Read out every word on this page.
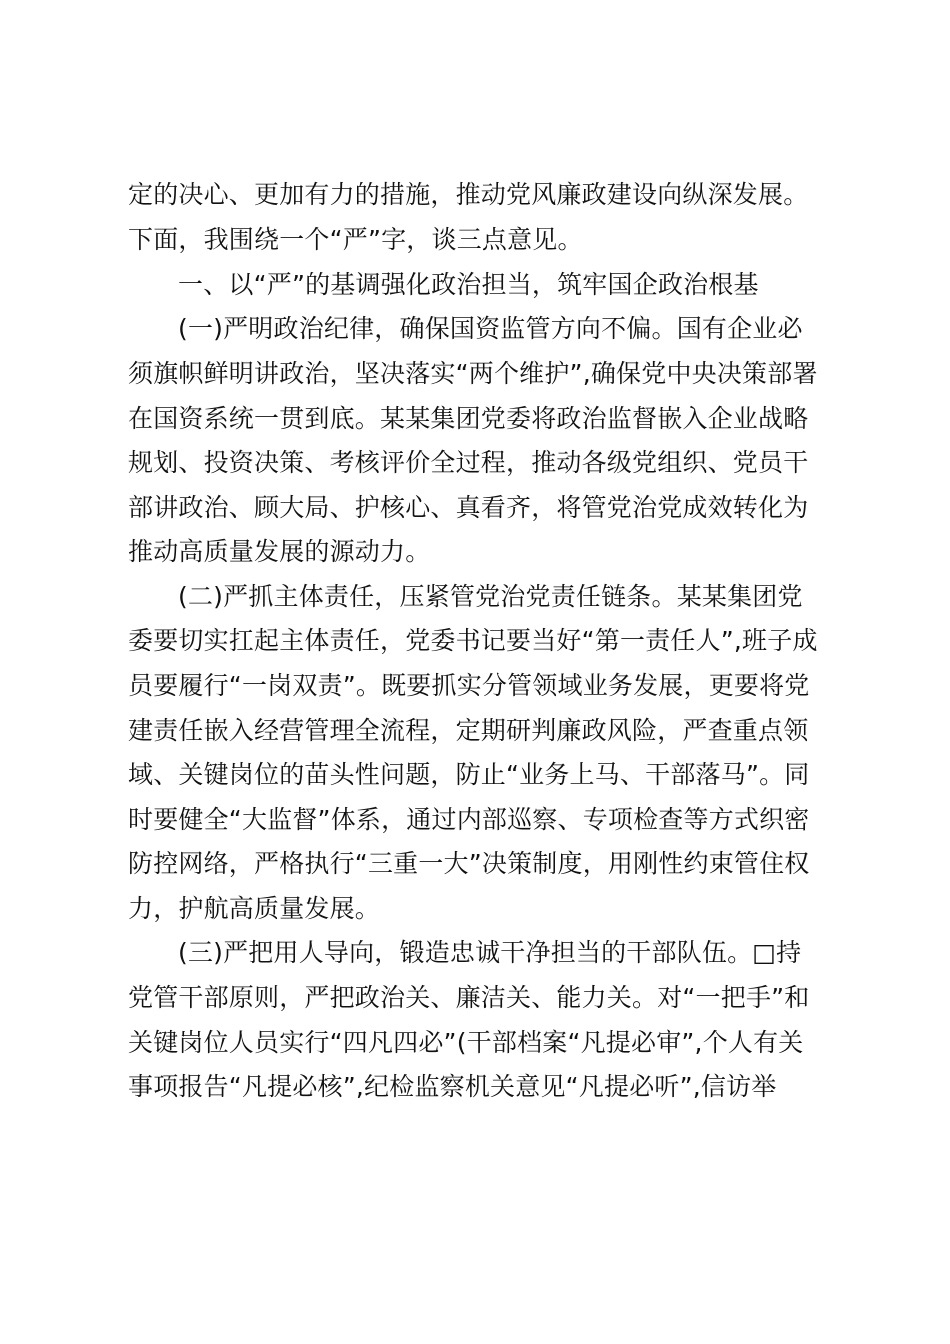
定的决心、更加有力的措施，推动党风廉政建设向纵深发展。
下面，我围绕一个“严”字，谈三点意见。
一、以“严”的基调强化政治担当，筑牢国企政治根基
(一)严明政治纪律，确保国资监管方向不偏。国有企业必
须旗帜鲜明讲政治，坚决落实“两个维护”,确保党中央决策部署
在国资系统一贯到底。某某集团党委将政治监督嵌入企业战略
规划、投资决策、考核评价全过程，推动各级党组织、党员干
部讲政治、顾大局、护核心、真看齐，将管党治党成效转化为
推动高质量发展的源动力。
(二)严抓主体责任，压紧管党治党责任链条。某某集团党
委要切实扛起主体责任，党委书记要当好“第一责任人”,班子成
员要履行“一岗双责”。既要抓实分管领域业务发展，更要将党
建责任嵌入经营管理全流程，定期研判廉政风险，严查重点领
域、关键岗位的苗头性问题，防止“业务上马、干部落马”。同
时要健全“大监督”体系，通过内部巡察、专项检查等方式织密
防控网络，严格执行“三重一大”决策制度，用刚性约束管住权
力，护航高质量发展。
(三)严把用人导向，锻造忠诚干净担当的干部队伍。□持
党管干部原则，严把政治关、廉洁关、能力关。对“一把手”和
关键岗位人员实行“四凡四必”(干部档案“凡提必审”,个人有关
事项报告“凡提必核”,纪检监察机关意见“凡提必听”,信访举
